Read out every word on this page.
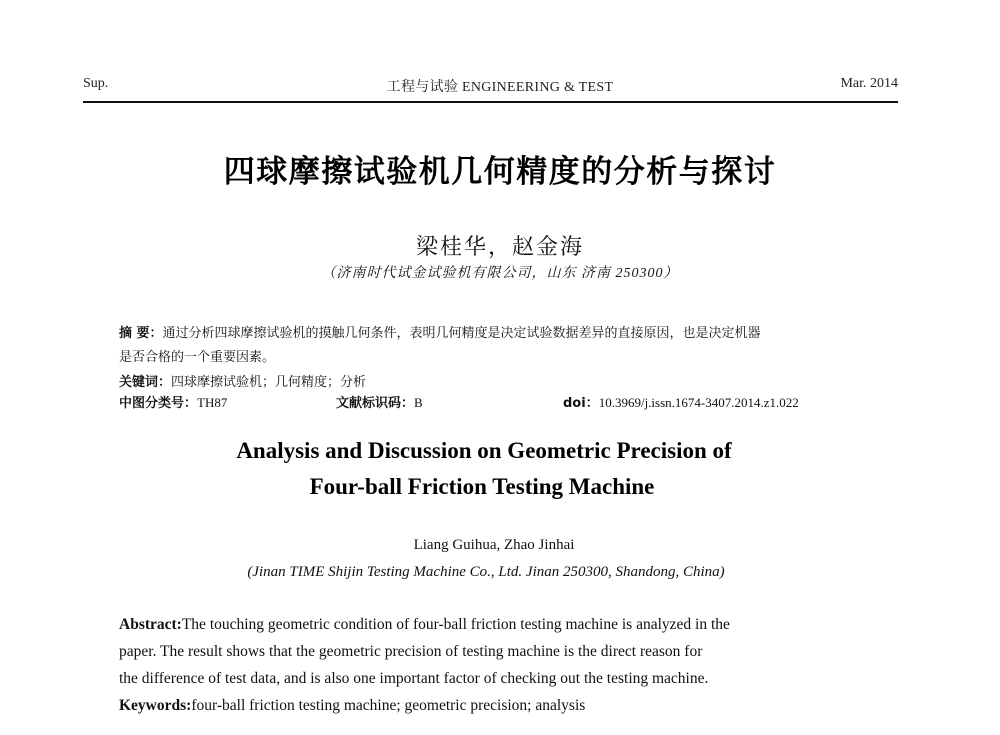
Sup.	工程与试验 ENGINEERING & TEST	Mar. 2014
四球摩擦试验机几何精度的分析与探讨
梁桂华，赵金海
（济南时代试金试验机有限公司，山东 济南 250300）
摘 要：通过分析四球摩擦试验机的摸触几何条件，表明几何精度是决定试验数据差异的直接原因，也是决定机器
是否合格的一个重要因素。
关键词：四球摩擦试验机；几何精度；分析
中图分类号：TH87	文献标识码：B	doi：10.3969/j.issn.1674-3407.2014.z1.022
Analysis and Discussion on Geometric Precision of
Four-ball Friction Testing Machine
Liang Guihua, Zhao Jinhai
(Jinan TIME Shijin Testing Machine Co., Ltd. Jinan 250300, Shandong, China)
Abstract:The touching geometric condition of four-ball friction testing machine is analyzed in the
paper. The result shows that the geometric precision of testing machine is the direct reason for
the difference of test data, and is also one important factor of checking out the testing machine.
Keywords:four-ball friction testing machine; geometric precision; analysis
